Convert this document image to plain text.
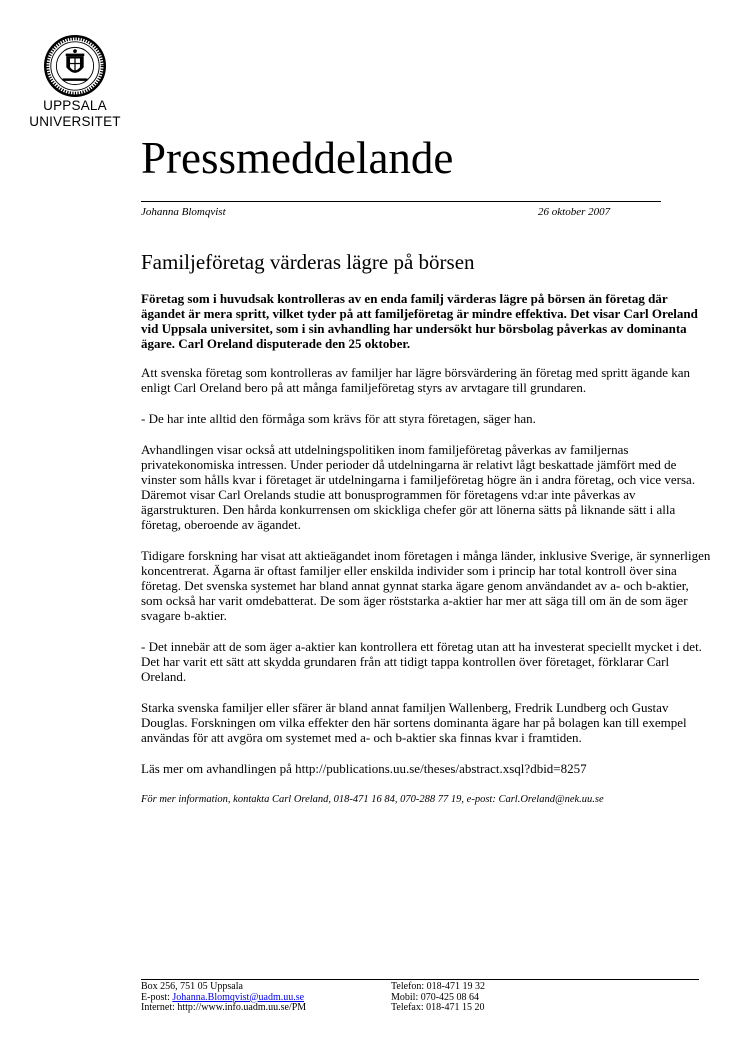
UPPSALA
UNIVERSITET
Pressmeddelande
Johanna Blomqvist	26 oktober 2007
Familjeföretag värderas lägre på börsen

Företag som i huvudsak kontrolleras av en enda familj värderas lägre på börsen än företag där ägandet är mera spritt, vilket tyder på att familjeföretag är mindre effektiva. Det visar Carl Oreland vid Uppsala universitet, som i sin avhandling har undersökt hur börsbolag påverkas av dominanta ägare. Carl Oreland disputerade den 25 oktober.

Att svenska företag som kontrolleras av familjer har lägre börsvärdering än företag med spritt ägande kan enligt Carl Oreland bero på att många familjeföretag styrs av arvtagare till grundaren.

- De har inte alltid den förmåga som krävs för att styra företagen, säger han.

Avhandlingen visar också att utdelningspolitiken inom familjeföretag påverkas av familjernas privatekonomiska intressen. Under perioder då utdelningarna är relativt lågt beskattade jämfört med de vinster som hålls kvar i företaget är utdelningarna i familjeföretag högre än i andra företag, och vice versa. Däremot visar Carl Orelands studie att bonusprogrammen för företagens vd:ar inte påverkas av ägarstrukturen. Den hårda konkurrensen om skickliga chefer gör att lönerna sätts på liknande sätt i alla företag, oberoende av ägandet.

Tidigare forskning har visat att aktieägandet inom företagen i många länder, inklusive Sverige, är synnerligen koncentrerat. Ägarna är oftast familjer eller enskilda individer som i princip har total kontroll över sina företag. Det svenska systemet har bland annat gynnat starka ägare genom användandet av a- och b-aktier, som också har varit omdebatterat. De som äger röststarka a-aktier har mer att säga till om än de som äger svagare b-aktier.

- Det innebär att de som äger a-aktier kan kontrollera ett företag utan att ha investerat speciellt mycket i det. Det har varit ett sätt att skydda grundaren från att tidigt tappa kontrollen över företaget, förklarar Carl Oreland.

Starka svenska familjer eller sfärer är bland annat familjen Wallenberg, Fredrik Lundberg och Gustav Douglas. Forskningen om vilka effekter den här sortens dominanta ägare har på bolagen kan till exempel användas för att avgöra om systemet med a- och b-aktier ska finnas kvar i framtiden.

Läs mer om avhandlingen på http://publications.uu.se/theses/abstract.xsql?dbid=8257

För mer information, kontakta Carl Oreland, 018-471 16 84, 070-288 77 19, e-post: Carl.Oreland@nek.uu.se

Box 256, 751 05 Uppsala
E-post: Johanna.Blomqvist@uadm.uu.se
Internet: http://www.info.uadm.uu.se/PM
Telefon: 018-471 19 32
Mobil: 070-425 08 64
Telefax: 018-471 15 20
